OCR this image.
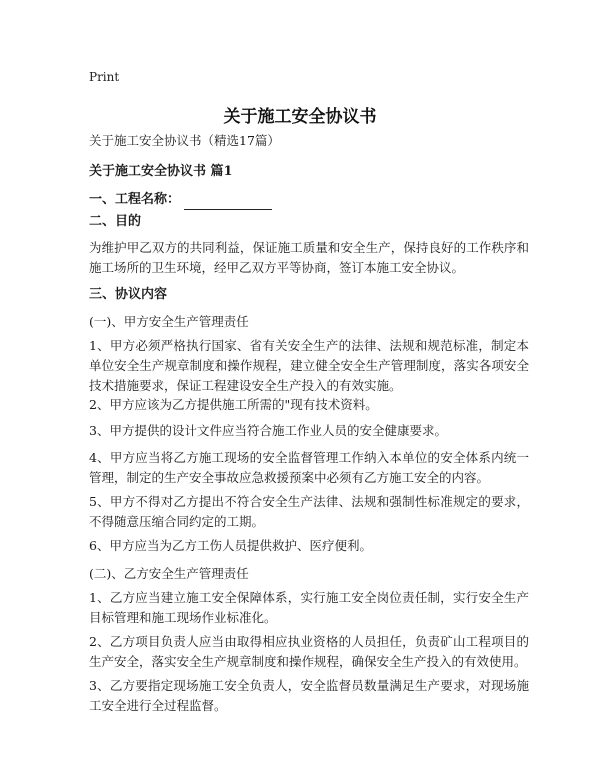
Print
关于施工安全协议书

关于施工安全协议书（精选17篇）

关于施工安全协议书 篇1

一、工程名称：

二、目的

为维护甲乙双方的共同利益，保证施工质量和安全生产，保持良好的工作秩序和施工场所的卫生环境，经甲乙双方平等协商，签订本施工安全协议。

三、协议内容

(一)、甲方安全生产管理责任

1、甲方必须严格执行国家、省有关安全生产的法律、法规和规范标准，制定本单位安全生产规章制度和操作规程，建立健全安全生产管理制度，落实各项安全技术措施要求，保证工程建设安全生产投入的有效实施。

2、甲方应该为乙方提供施工所需的"现有技术资料。

3、甲方提供的设计文件应当符合施工作业人员的安全健康要求。

4、甲方应当将乙方施工现场的安全监督管理工作纳入本单位的安全体系内统一管理，制定的生产安全事故应急救援预案中必须有乙方施工安全的内容。

5、甲方不得对乙方提出不符合安全生产法律、法规和强制性标准规定的要求，不得随意压缩合同约定的工期。

6、甲方应当为乙方工伤人员提供救护、医疗便利。

(二)、乙方安全生产管理责任

1、乙方应当建立施工安全保障体系，实行施工安全岗位责任制，实行安全生产目标管理和施工现场作业标准化。

2、乙方项目负责人应当由取得相应执业资格的人员担任，负责矿山工程项目的生产安全，落实安全生产规章制度和操作规程，确保安全生产投入的有效使用。

3、乙方要指定现场施工安全负责人，安全监督员数量满足生产要求，对现场施工安全进行全过程监督。
